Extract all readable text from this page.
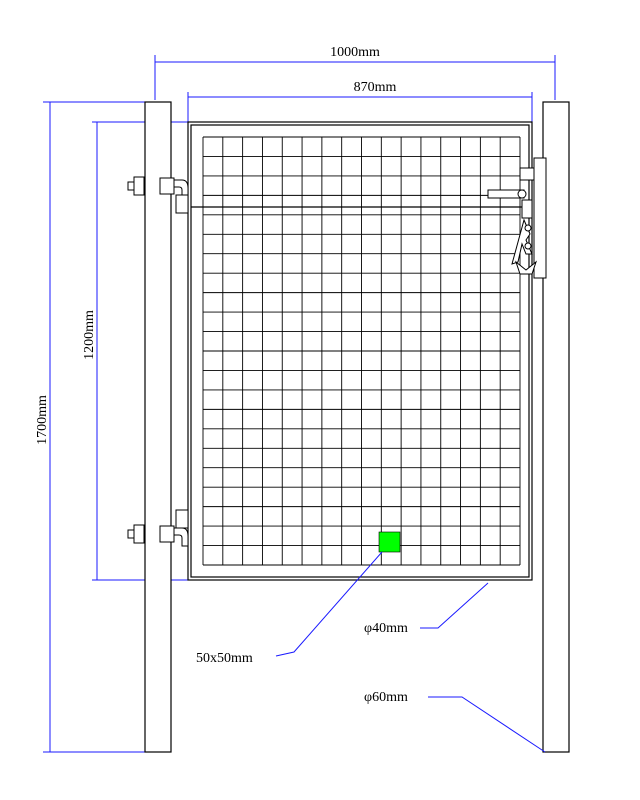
1000mm
870mm
1700mm
1200mm
50x50mm
φ40mm
φ60mm
